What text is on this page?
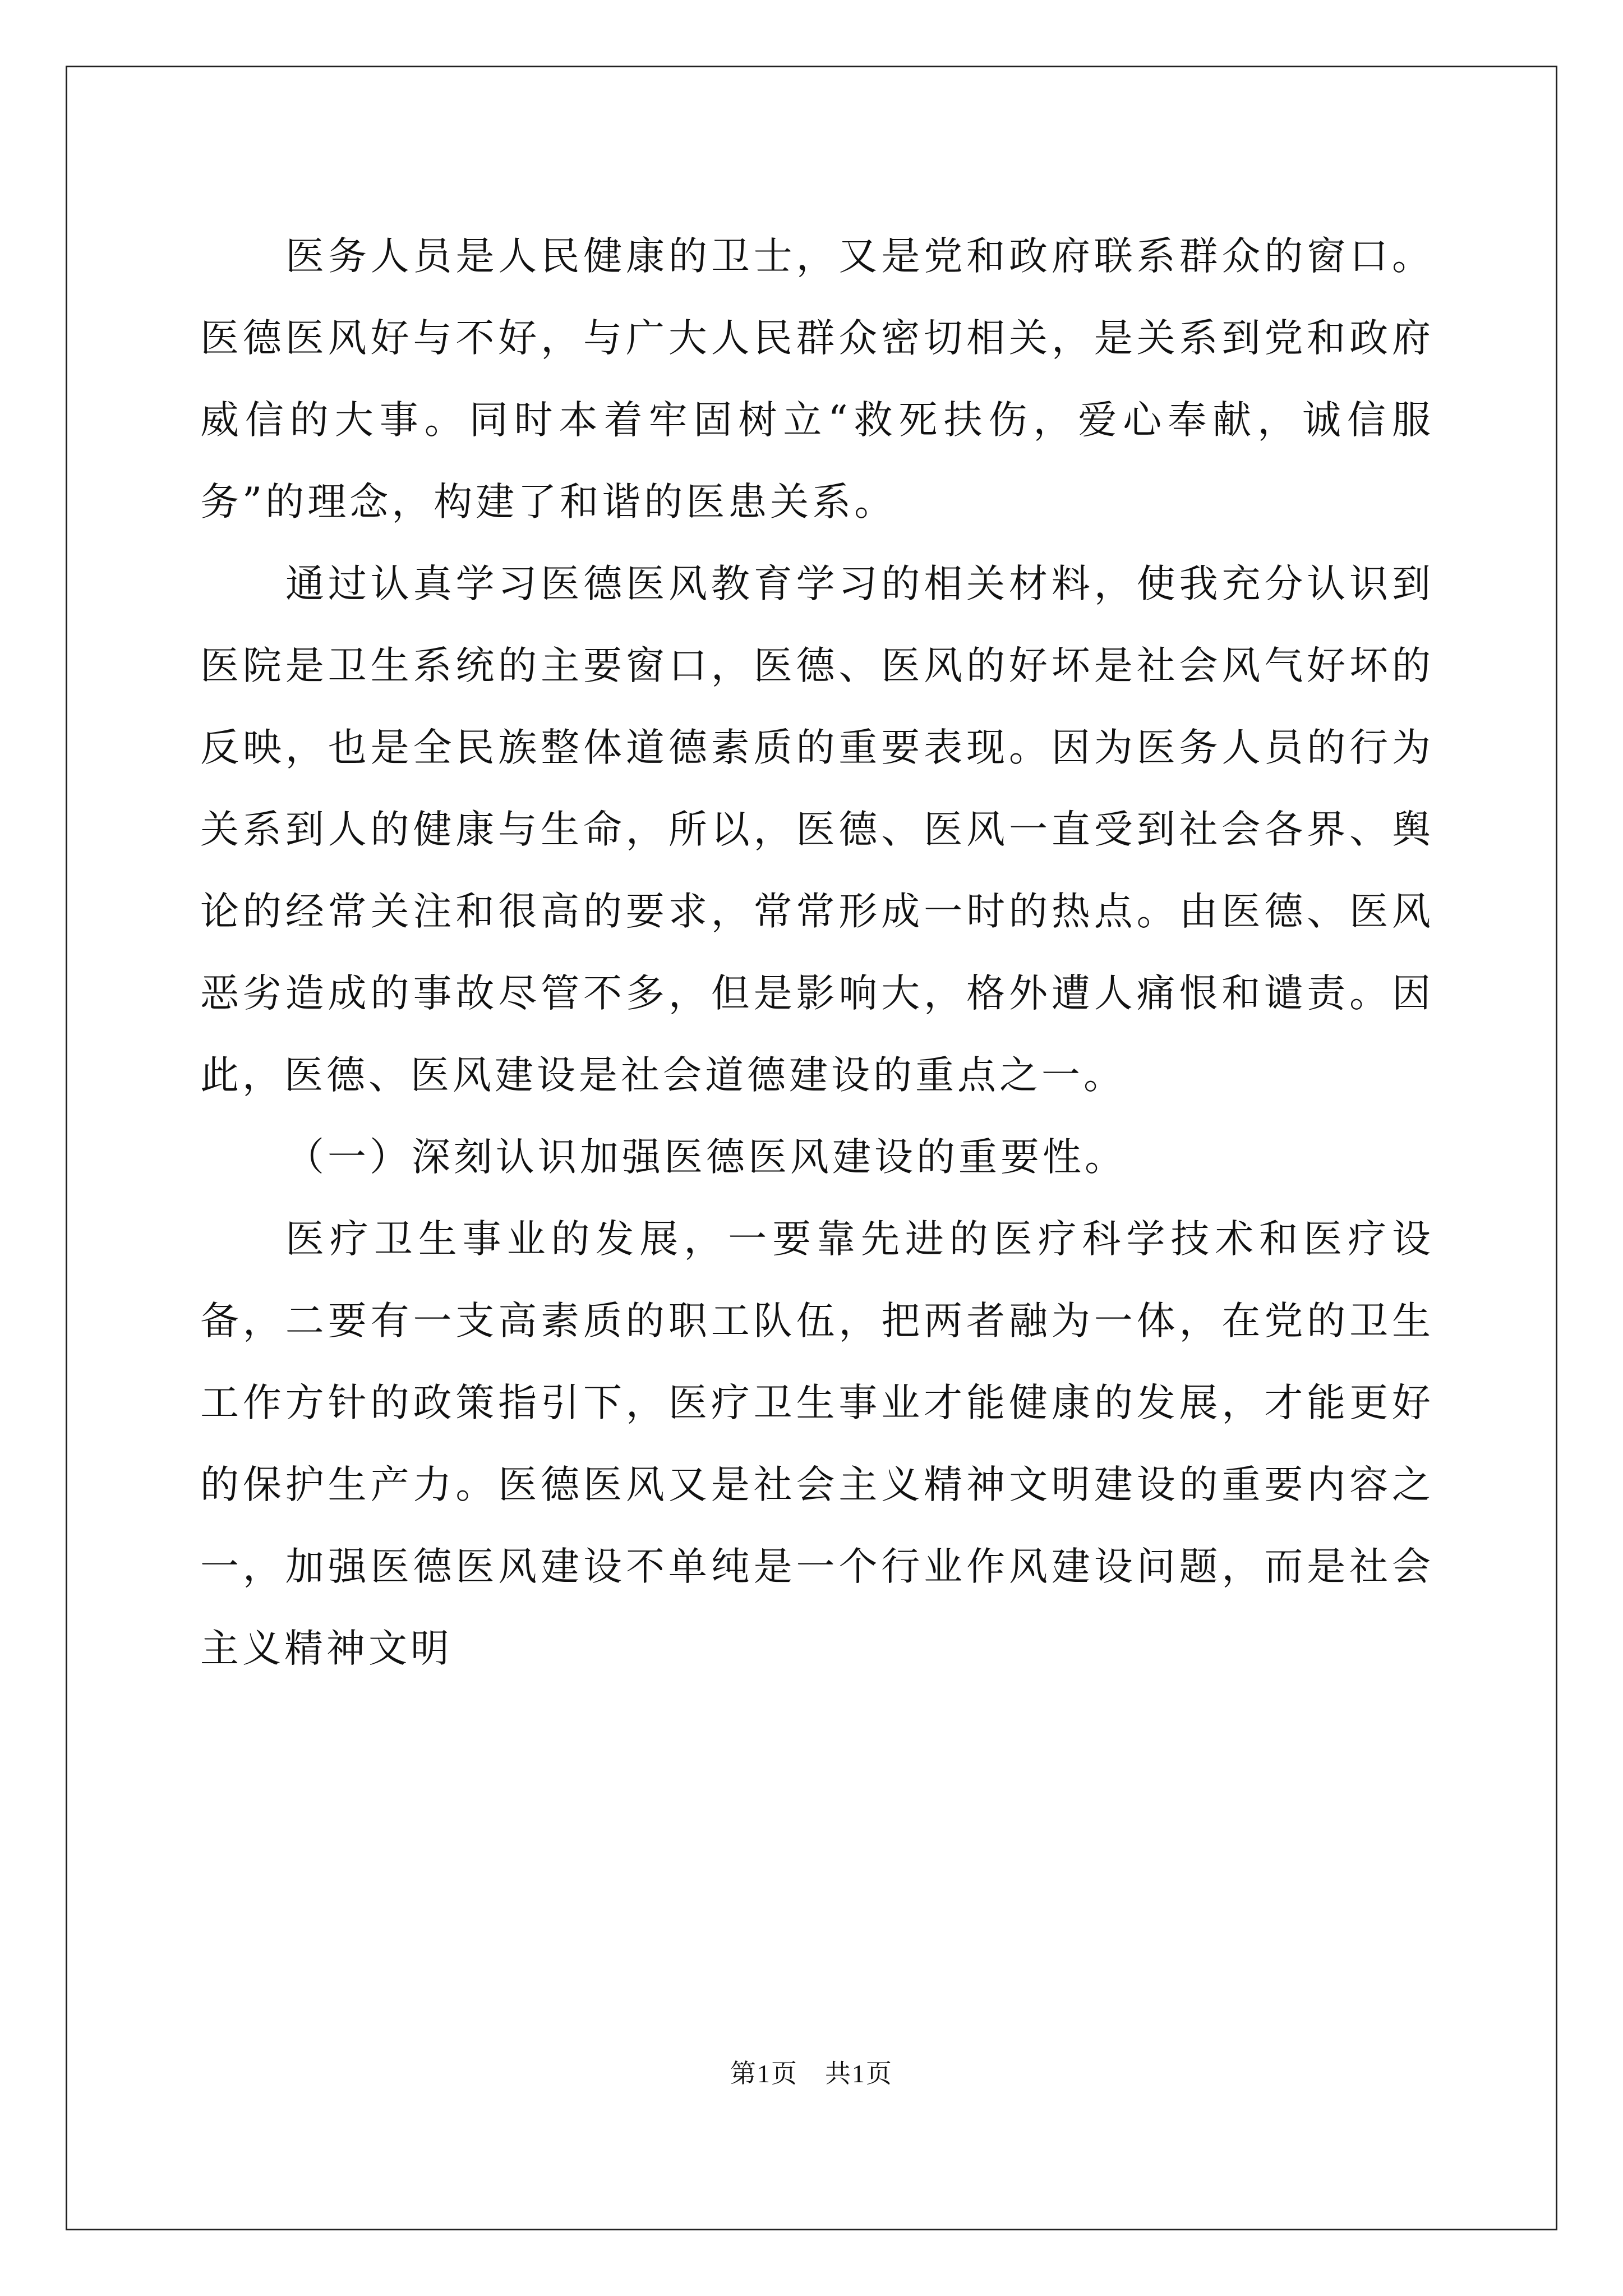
医务人员是人民健康的卫士，又是党和政府联系群众的窗口。医德医风好与不好，与广大人民群众密切相关，是关系到党和政府威信的大事。同时本着牢固树立“救死扶伤，爱心奉献，诚信服务”的理念，构建了和谐的医患关系。

通过认真学习医德医风教育学习的相关材料，使我充分认识到医院是卫生系统的主要窗口，医德、医风的好坏是社会风气好坏的反映，也是全民族整体道德素质的重要表现。因为医务人员的行为关系到人的健康与生命，所以，医德、医风一直受到社会各界、舆论的经常关注和很高的要求，常常形成一时的热点。由医德、医风恶劣造成的事故尽管不多，但是影响大，格外遭人痛恨和谴责。因此，医德、医风建设是社会道德建设的重点之一。

（一）深刻认识加强医德医风建设的重要性。

医疗卫生事业的发展，一要靠先进的医疗科学技术和医疗设备，二要有一支高素质的职工队伍，把两者融为一体，在党的卫生工作方针的政策指引下，医疗卫生事业才能健康的发展，才能更好的保护生产力。医德医风又是社会主义精神文明建设的重要内容之一，加强医德医风建设不单纯是一个行业作风建设问题，而是社会主义精神文明

第1页 共1页
